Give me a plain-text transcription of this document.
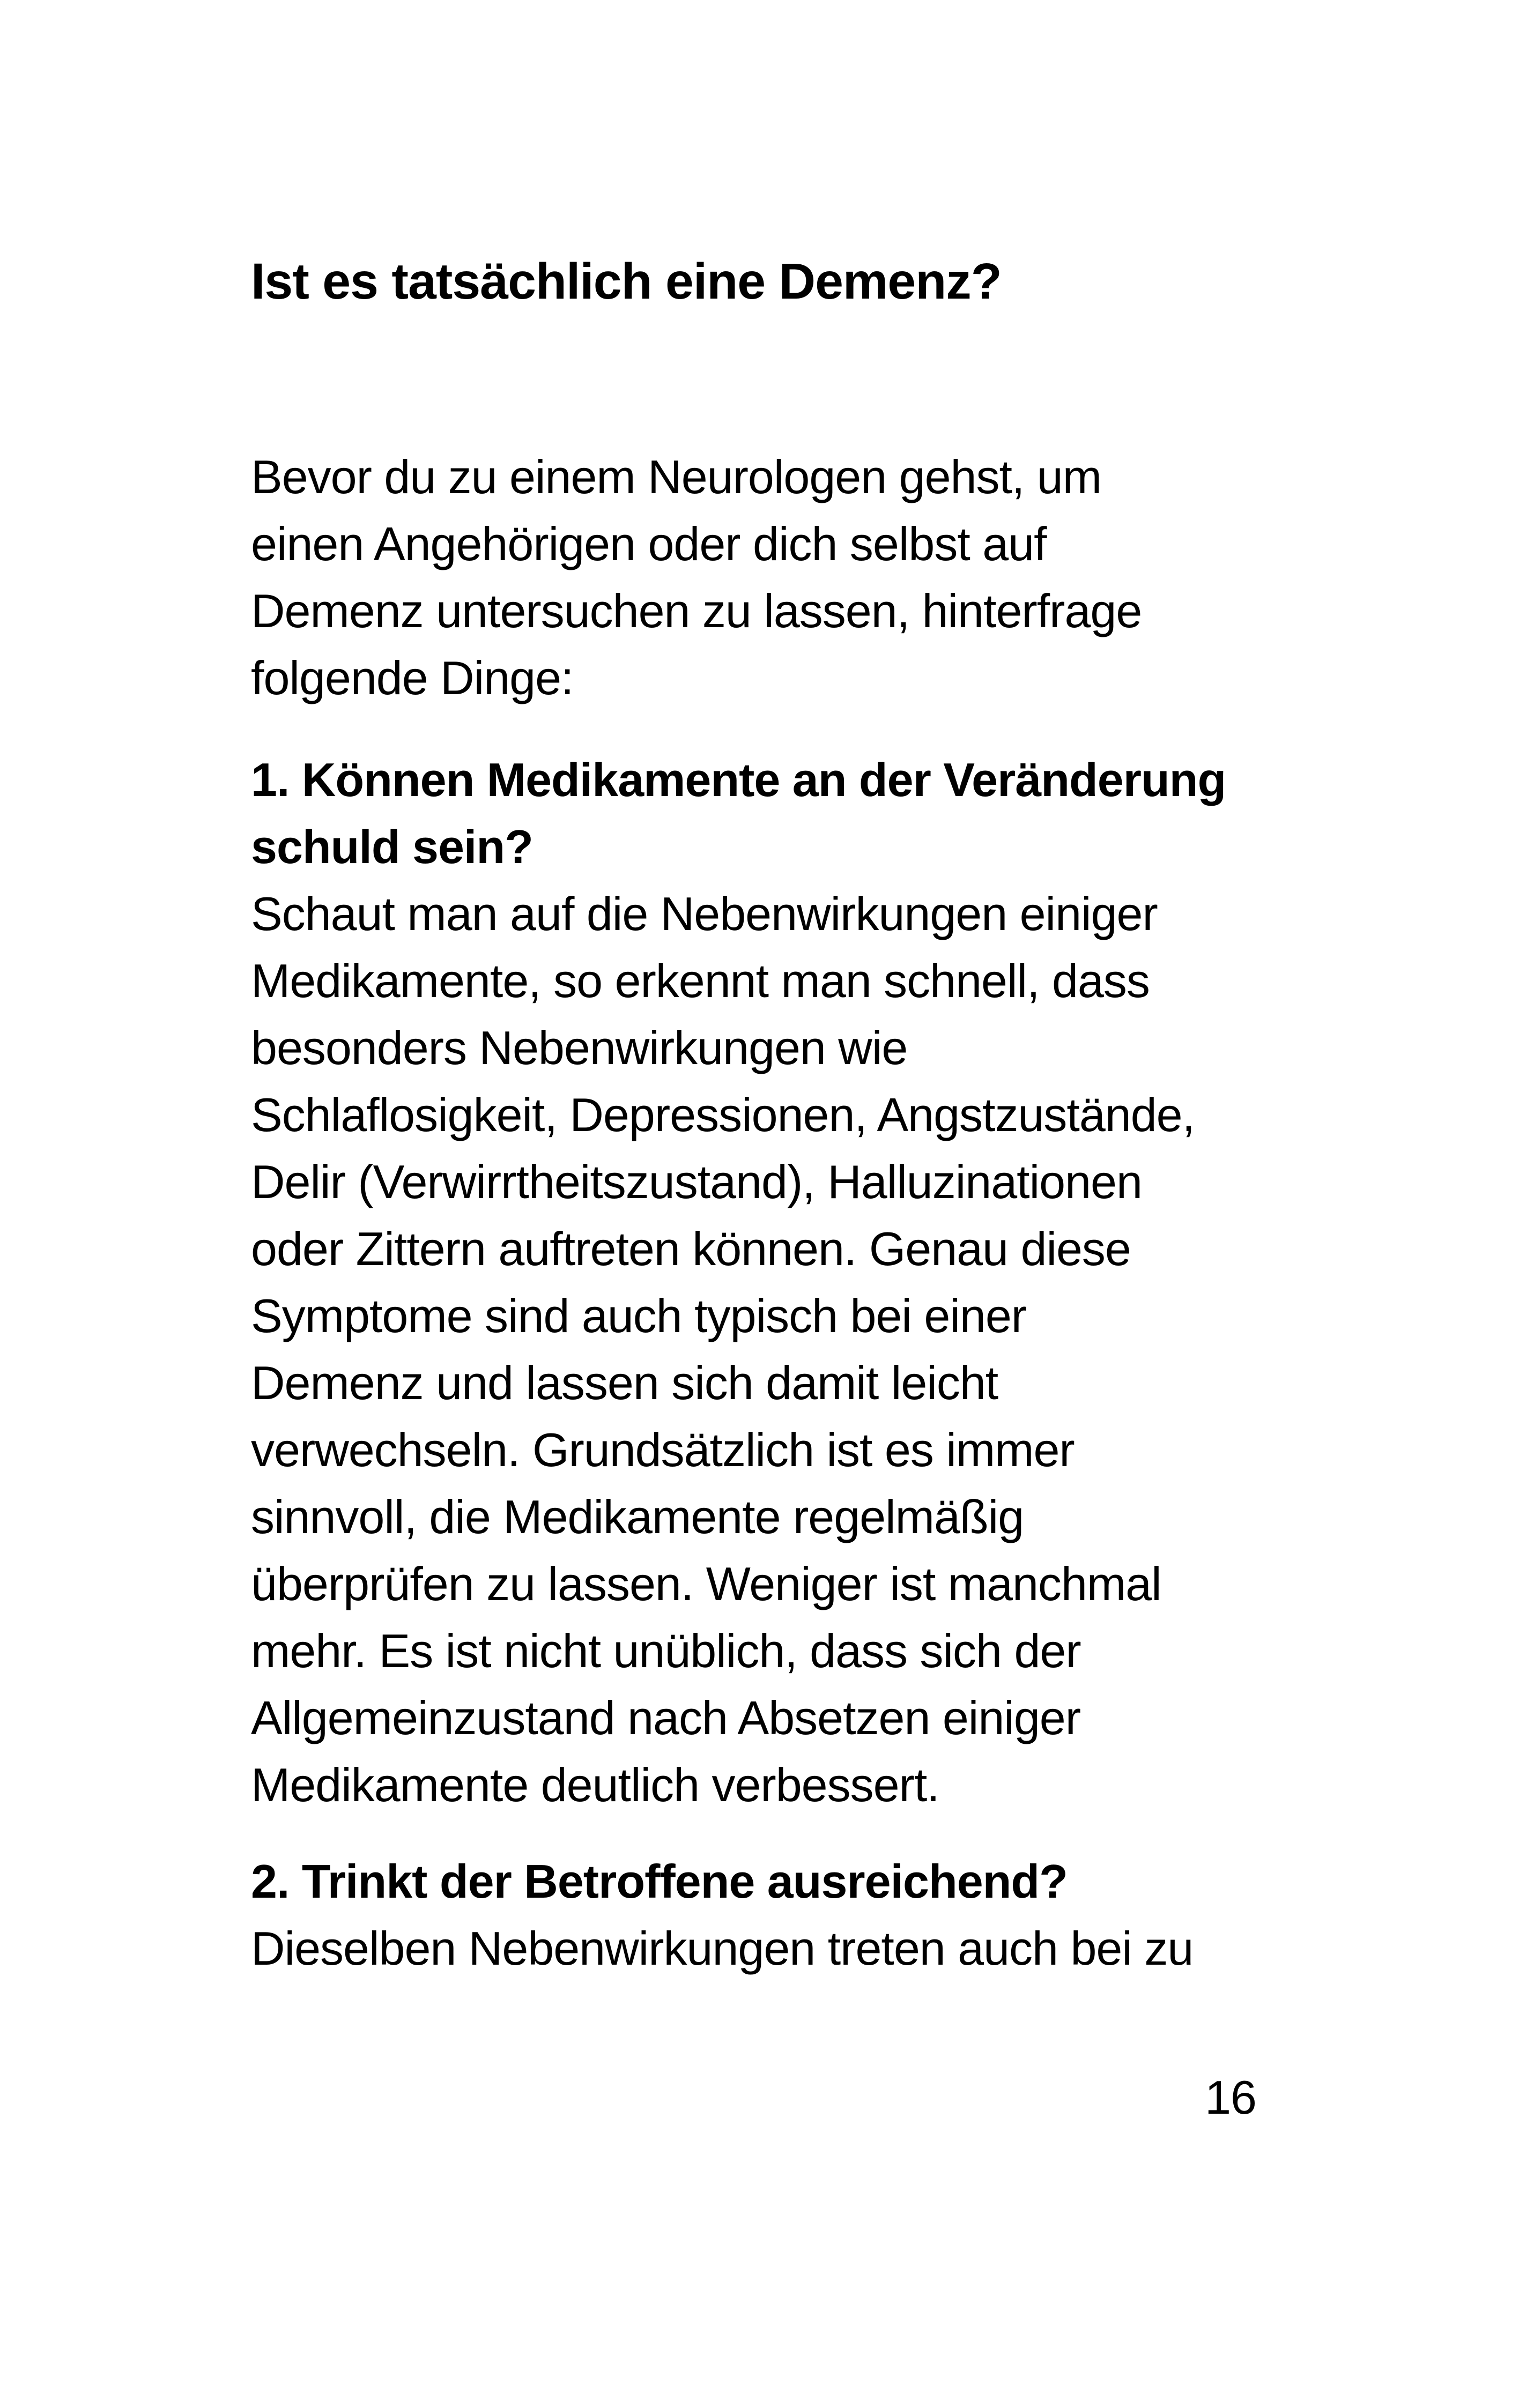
Ist es tatsächlich eine Demenz?

Bevor du zu einem Neurologen gehst, um
einen Angehörigen oder dich selbst auf
Demenz untersuchen zu lassen, hinterfrage
folgende Dinge:

1. Können Medikamente an der Veränderung
schuld sein?
Schaut man auf die Nebenwirkungen einiger
Medikamente, so erkennt man schnell, dass
besonders Nebenwirkungen wie
Schlaflosigkeit, Depressionen, Angstzustände,
Delir (Verwirrtheitszustand), Halluzinationen
oder Zittern auftreten können. Genau diese
Symptome sind auch typisch bei einer
Demenz und lassen sich damit leicht
verwechseln. Grundsätzlich ist es immer
sinnvoll, die Medikamente regelmäßig
überprüfen zu lassen. Weniger ist manchmal
mehr. Es ist nicht unüblich, dass sich der
Allgemeinzustand nach Absetzen einiger
Medikamente deutlich verbessert.
2. Trinkt der Betroffene ausreichend?
Dieselben Nebenwirkungen treten auch bei zu
16
